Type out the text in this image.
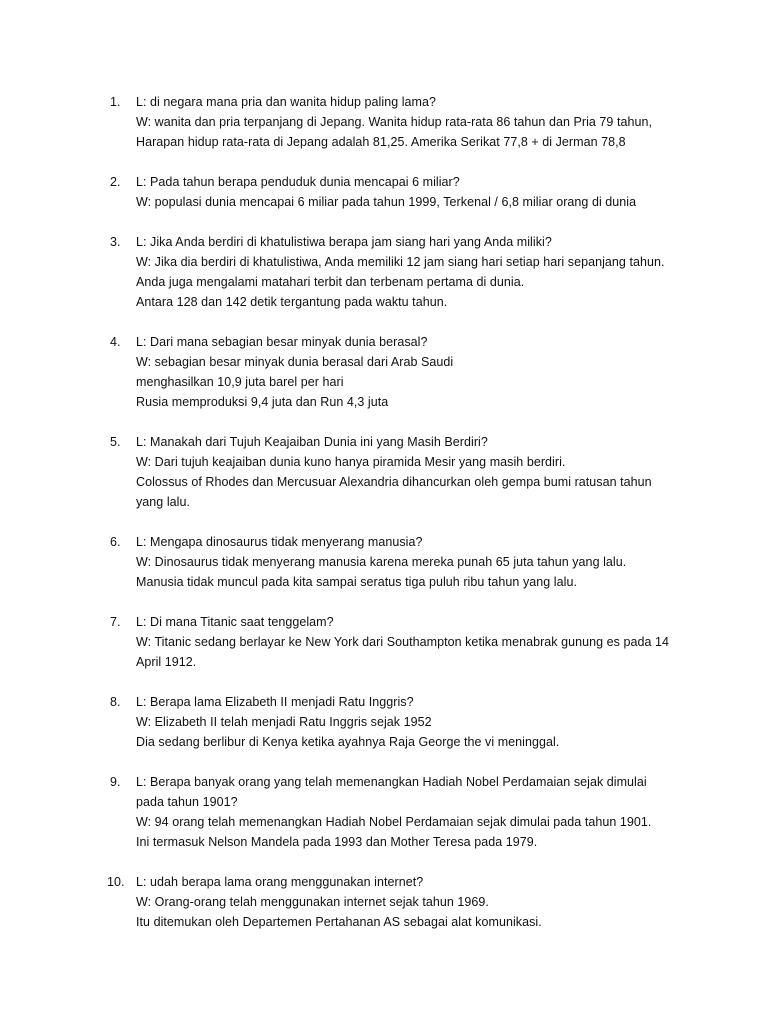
1.	L: di negara mana pria dan wanita hidup paling lama?
W: wanita dan pria terpanjang di Jepang. Wanita hidup rata-rata 86 tahun dan Pria 79 tahun,
Harapan hidup rata-rata di Jepang adalah 81,25. Amerika Serikat 77,8 + di Jerman 78,8
2.	L: Pada tahun berapa penduduk dunia mencapai 6 miliar?
W: populasi dunia mencapai 6 miliar pada tahun 1999, Terkenal / 6,8 miliar orang di dunia
3.	L: Jika Anda berdiri di khatulistiwa berapa jam siang hari yang Anda miliki?
W: Jika dia berdiri di khatulistiwa, Anda memiliki 12 jam siang hari setiap hari sepanjang tahun.
Anda juga mengalami matahari terbit dan terbenam pertama di dunia.
Antara 128 dan 142 detik tergantung pada waktu tahun.
4.	L: Dari mana sebagian besar minyak dunia berasal?
W: sebagian besar minyak dunia berasal dari Arab Saudi
menghasilkan 10,9 juta barel per hari
Rusia memproduksi 9,4 juta dan Run 4,3 juta
5.	L: Manakah dari Tujuh Keajaiban Dunia ini yang Masih Berdiri?
W: Dari tujuh keajaiban dunia kuno hanya piramida Mesir yang masih berdiri.
Colossus of Rhodes dan Mercusuar Alexandria dihancurkan oleh gempa bumi ratusan tahun yang lalu.
6.	L: Mengapa dinosaurus tidak menyerang manusia?
W: Dinosaurus tidak menyerang manusia karena mereka punah 65 juta tahun yang lalu.
Manusia tidak muncul pada kita sampai seratus tiga puluh ribu tahun yang lalu.
7.	L: Di mana Titanic saat tenggelam?
W: Titanic sedang berlayar ke New York dari Southampton ketika menabrak gunung es pada 14 April 1912.
8.	L: Berapa lama Elizabeth II menjadi Ratu Inggris?
W: Elizabeth II telah menjadi Ratu Inggris sejak 1952
Dia sedang berlibur di Kenya ketika ayahnya Raja George the vi meninggal.
9.	L: Berapa banyak orang yang telah memenangkan Hadiah Nobel Perdamaian sejak dimulai pada tahun 1901?
W: 94 orang telah memenangkan Hadiah Nobel Perdamaian sejak dimulai pada tahun 1901.
Ini termasuk Nelson Mandela pada 1993 dan Mother Teresa pada 1979.
10. L: udah berapa lama orang menggunakan internet?
W: Orang-orang telah menggunakan internet sejak tahun 1969.
Itu ditemukan oleh Departemen Pertahanan AS sebagai alat komunikasi.
